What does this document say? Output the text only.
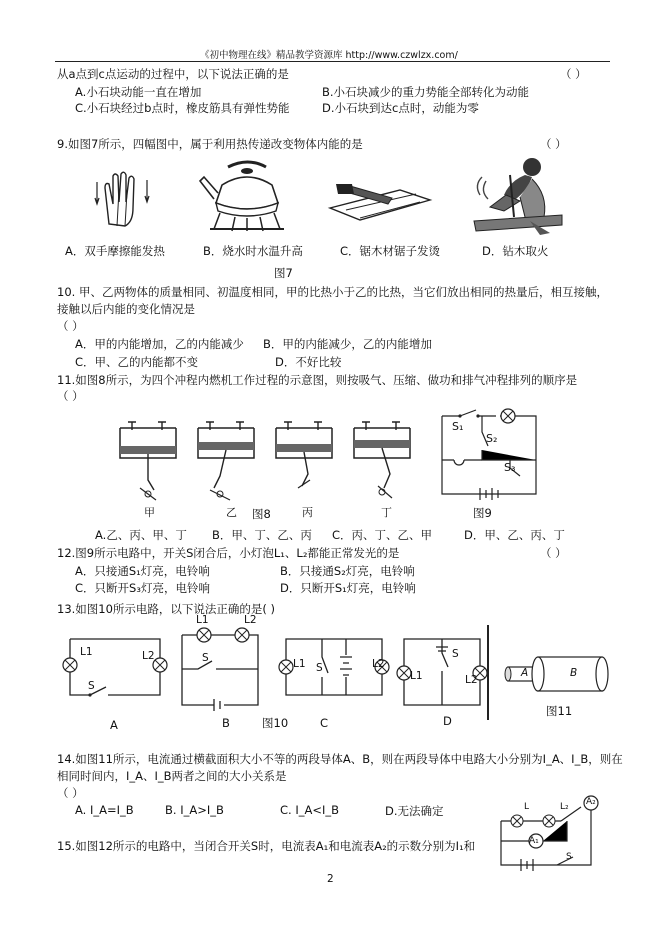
《初中物理在线》精品教学资源库 http://www.czwlzx.com/
从a点到c点运动的过程中，以下说法正确的是	（ ）
A.小石块动能一直在增加	B.小石块减少的重力势能全部转化为动能
C.小石块经过b点时，橡皮筋具有弹性势能	D.小石块到达c点时，动能为零
9.如图7所示，四幅图中，属于利用热传递改变物体内能的是	（ ）
A．双手摩擦能发热	B．烧水时水温升高	C．锯木材锯子发烫	D．钻木取火
图7
10. 甲、乙两物体的质量相同、初温度相同，甲的比热小于乙的比热，当它们放出相同的热量后，相互接触，
接触以后内能的变化情况是
（ ）
A．甲的内能增加，乙的内能减少 B．甲的内能减少，乙的内能增加
C．甲、乙的内能都不变	D．不好比较
11.如图8所示，为四个冲程内燃机工作过程的示意图，则按吸气、压缩、做功和排气冲程排列的顺序是
（ ）
甲	乙 图8	丙	丁
S₁
S₂
S₃
图9
A.乙、丙、甲、丁 B．甲、丁、乙、丙 C．丙、丁、乙、甲	D．甲、乙、丙、丁
12.图9所示电路中，开关S闭合后，小灯泡L₁、L₂都能正常发光的是	（ ）
A．只接通S₁灯亮，电铃响	B．只接通S₂灯亮，电铃响
C．只断开S₃灯亮，电铃响	D．只断开S₁灯亮，电铃响
13.如图10所示电路，以下说法正确的是( )
L1	L2
S
L1	L2
S	L1	L2
S
L1	L2
S
A	B	图10	C	D
A	B
图11
14.如图11所示，电流通过横截面积大小不等的两段导体A、B，则在两段导体中电路大小分别为I_A、I_B，则在
相同时间内，I_A、I_B两者之间的大小关系是
（ ）
A. I_A=I_B	B. I_A>I_B	C. I_A<I_B	D.无法确定
A₂
A₁
L	L₂
S
15.如图12所示的电路中，当闭合开关S时，电流表A₁和电流表A₂的示数分别为I₁和
2
